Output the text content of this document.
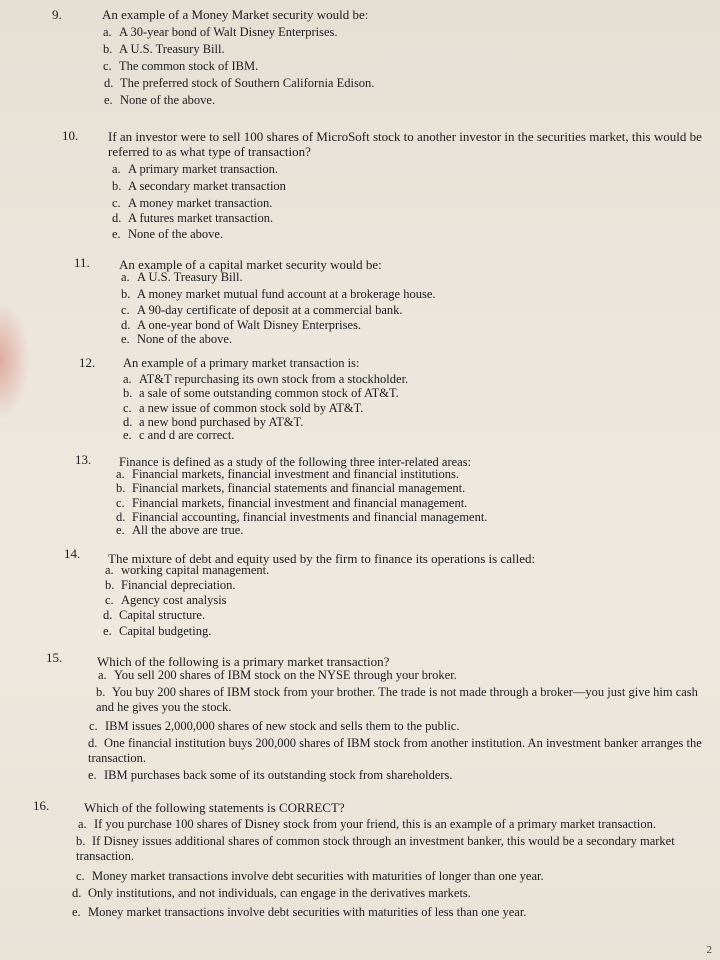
9.	An example of a Money Market security would be:
a. A 30-year bond of Walt Disney Enterprises.
b. A U.S. Treasury Bill.
c. The common stock of IBM.
d. The preferred stock of Southern California Edison.
e. None of the above.
10. If an investor were to sell 100 shares of MicroSoft stock to another investor in the securities market, this would be referred to as what type of transaction?
a. A primary market transaction.
b. A secondary market transaction
c. A money market transaction.
d. A futures market transaction.
e. None of the above.
11. An example of a capital market security would be:
a. A U.S. Treasury Bill.
b. A money market mutual fund account at a brokerage house.
c. A 90-day certificate of deposit at a commercial bank.
d. A one-year bond of Walt Disney Enterprises.
e. None of the above.
12. An example of a primary market transaction is:
a. AT&T repurchasing its own stock from a stockholder.
b. a sale of some outstanding common stock of AT&T.
c. a new issue of common stock sold by AT&T.
d. a new bond purchased by AT&T.
e. c and d are correct.
13. Finance is defined as a study of the following three inter-related areas:
a. Financial markets, financial investment and financial institutions.
b. Financial markets, financial statements and financial management.
c. Financial markets, financial investment and financial management.
d. Financial accounting, financial investments and financial management.
e. All the above are true.
14. The mixture of debt and equity used by the firm to finance its operations is called:
a. working capital management.
b. Financial depreciation.
c. Agency cost analysis
d. Capital structure.
e. Capital budgeting.
15.	Which of the following is a primary market transaction?
a. You sell 200 shares of IBM stock on the NYSE through your broker.
b. You buy 200 shares of IBM stock from your brother. The trade is not made through a broker—you just give him cash and he gives you the stock.
c. IBM issues 2,000,000 shares of new stock and sells them to the public.
d. One financial institution buys 200,000 shares of IBM stock from another institution. An investment banker arranges the transaction.
e. IBM purchases back some of its outstanding stock from shareholders.
16.	Which of the following statements is CORRECT?
a. If you purchase 100 shares of Disney stock from your friend, this is an example of a primary market transaction.
b. If Disney issues additional shares of common stock through an investment banker, this would be a secondary market transaction.
c. Money market transactions involve debt securities with maturities of longer than one year.
d. Only institutions, and not individuals, can engage in the derivatives markets.
e. Money market transactions involve debt securities with maturities of less than one year.
2
